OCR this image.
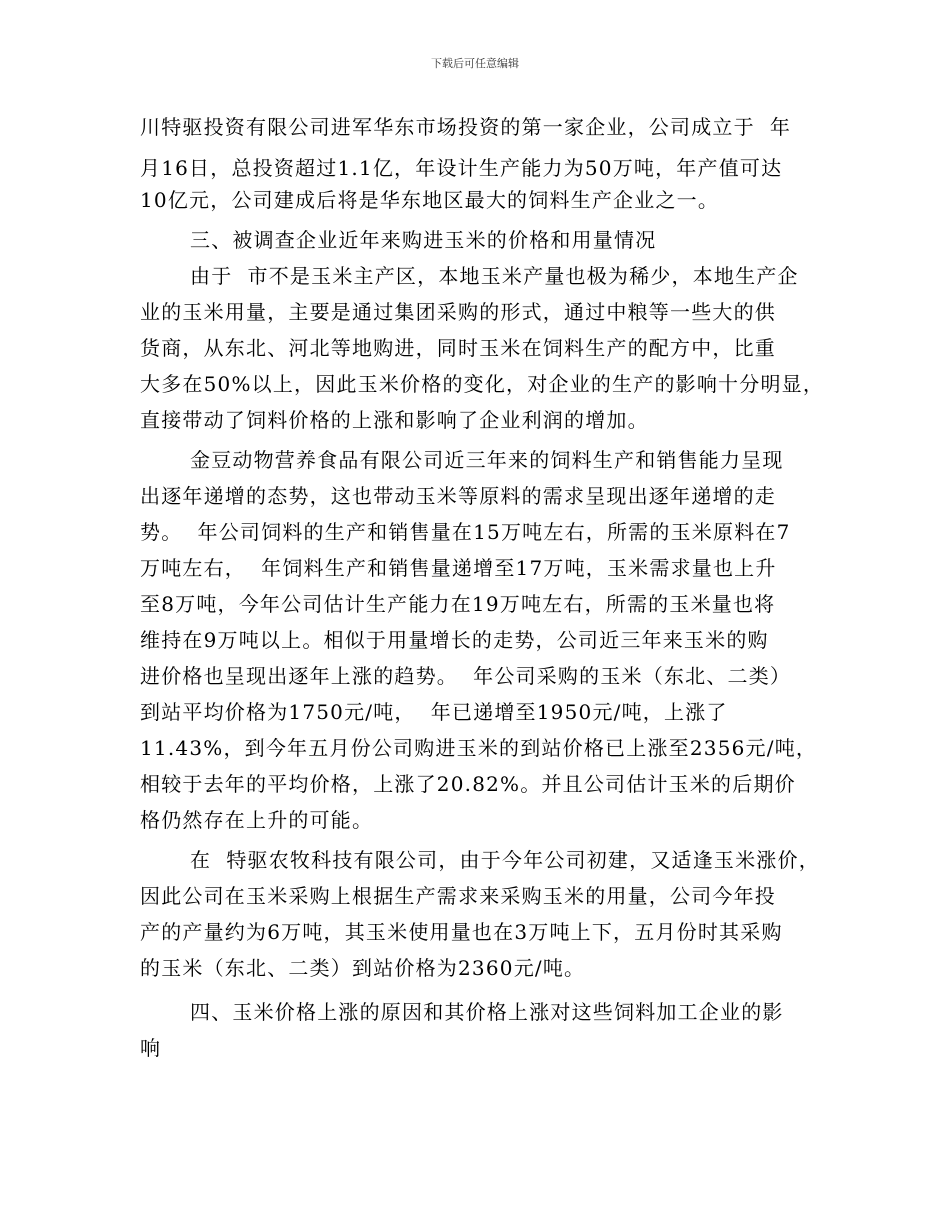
下载后可任意编辑
川特驱投资有限公司进军华东市场投资的第一家企业，公司成立于  年
月16日，总投资超过1.1亿，年设计生产能力为50万吨，年产值可达
10亿元，公司建成后将是华东地区最大的饲料生产企业之一。
三、被调查企业近年来购进玉米的价格和用量情况
由于  市不是玉米主产区，本地玉米产量也极为稀少，本地生产企
业的玉米用量，主要是通过集团采购的形式，通过中粮等一些大的供
货商，从东北、河北等地购进，同时玉米在饲料生产的配方中，比重
大多在50%以上，因此玉米价格的变化，对企业的生产的影响十分明显，
直接带动了饲料价格的上涨和影响了企业利润的增加。
金豆动物营养食品有限公司近三年来的饲料生产和销售能力呈现
出逐年递增的态势，这也带动玉米等原料的需求呈现出逐年递增的走
势。  年公司饲料的生产和销售量在15万吨左右，所需的玉米原料在7
万吨左右，  年饲料生产和销售量递增至17万吨，玉米需求量也上升
至8万吨，今年公司估计生产能力在19万吨左右，所需的玉米量也将
维持在9万吨以上。相似于用量增长的走势，公司近三年来玉米的购
进价格也呈现出逐年上涨的趋势。  年公司采购的玉米（东北、二类）
到站平均价格为1750元/吨，  年已递增至1950元/吨，上涨了
11.43%，到今年五月份公司购进玉米的到站价格已上涨至2356元/吨，
相较于去年的平均价格，上涨了20.82%。并且公司估计玉米的后期价
格仍然存在上升的可能。
在  特驱农牧科技有限公司，由于今年公司初建，又适逢玉米涨价，
因此公司在玉米采购上根据生产需求来采购玉米的用量，公司今年投
产的产量约为6万吨，其玉米使用量也在3万吨上下，五月份时其采购
的玉米（东北、二类）到站价格为2360元/吨。
四、玉米价格上涨的原因和其价格上涨对这些饲料加工企业的影
响
